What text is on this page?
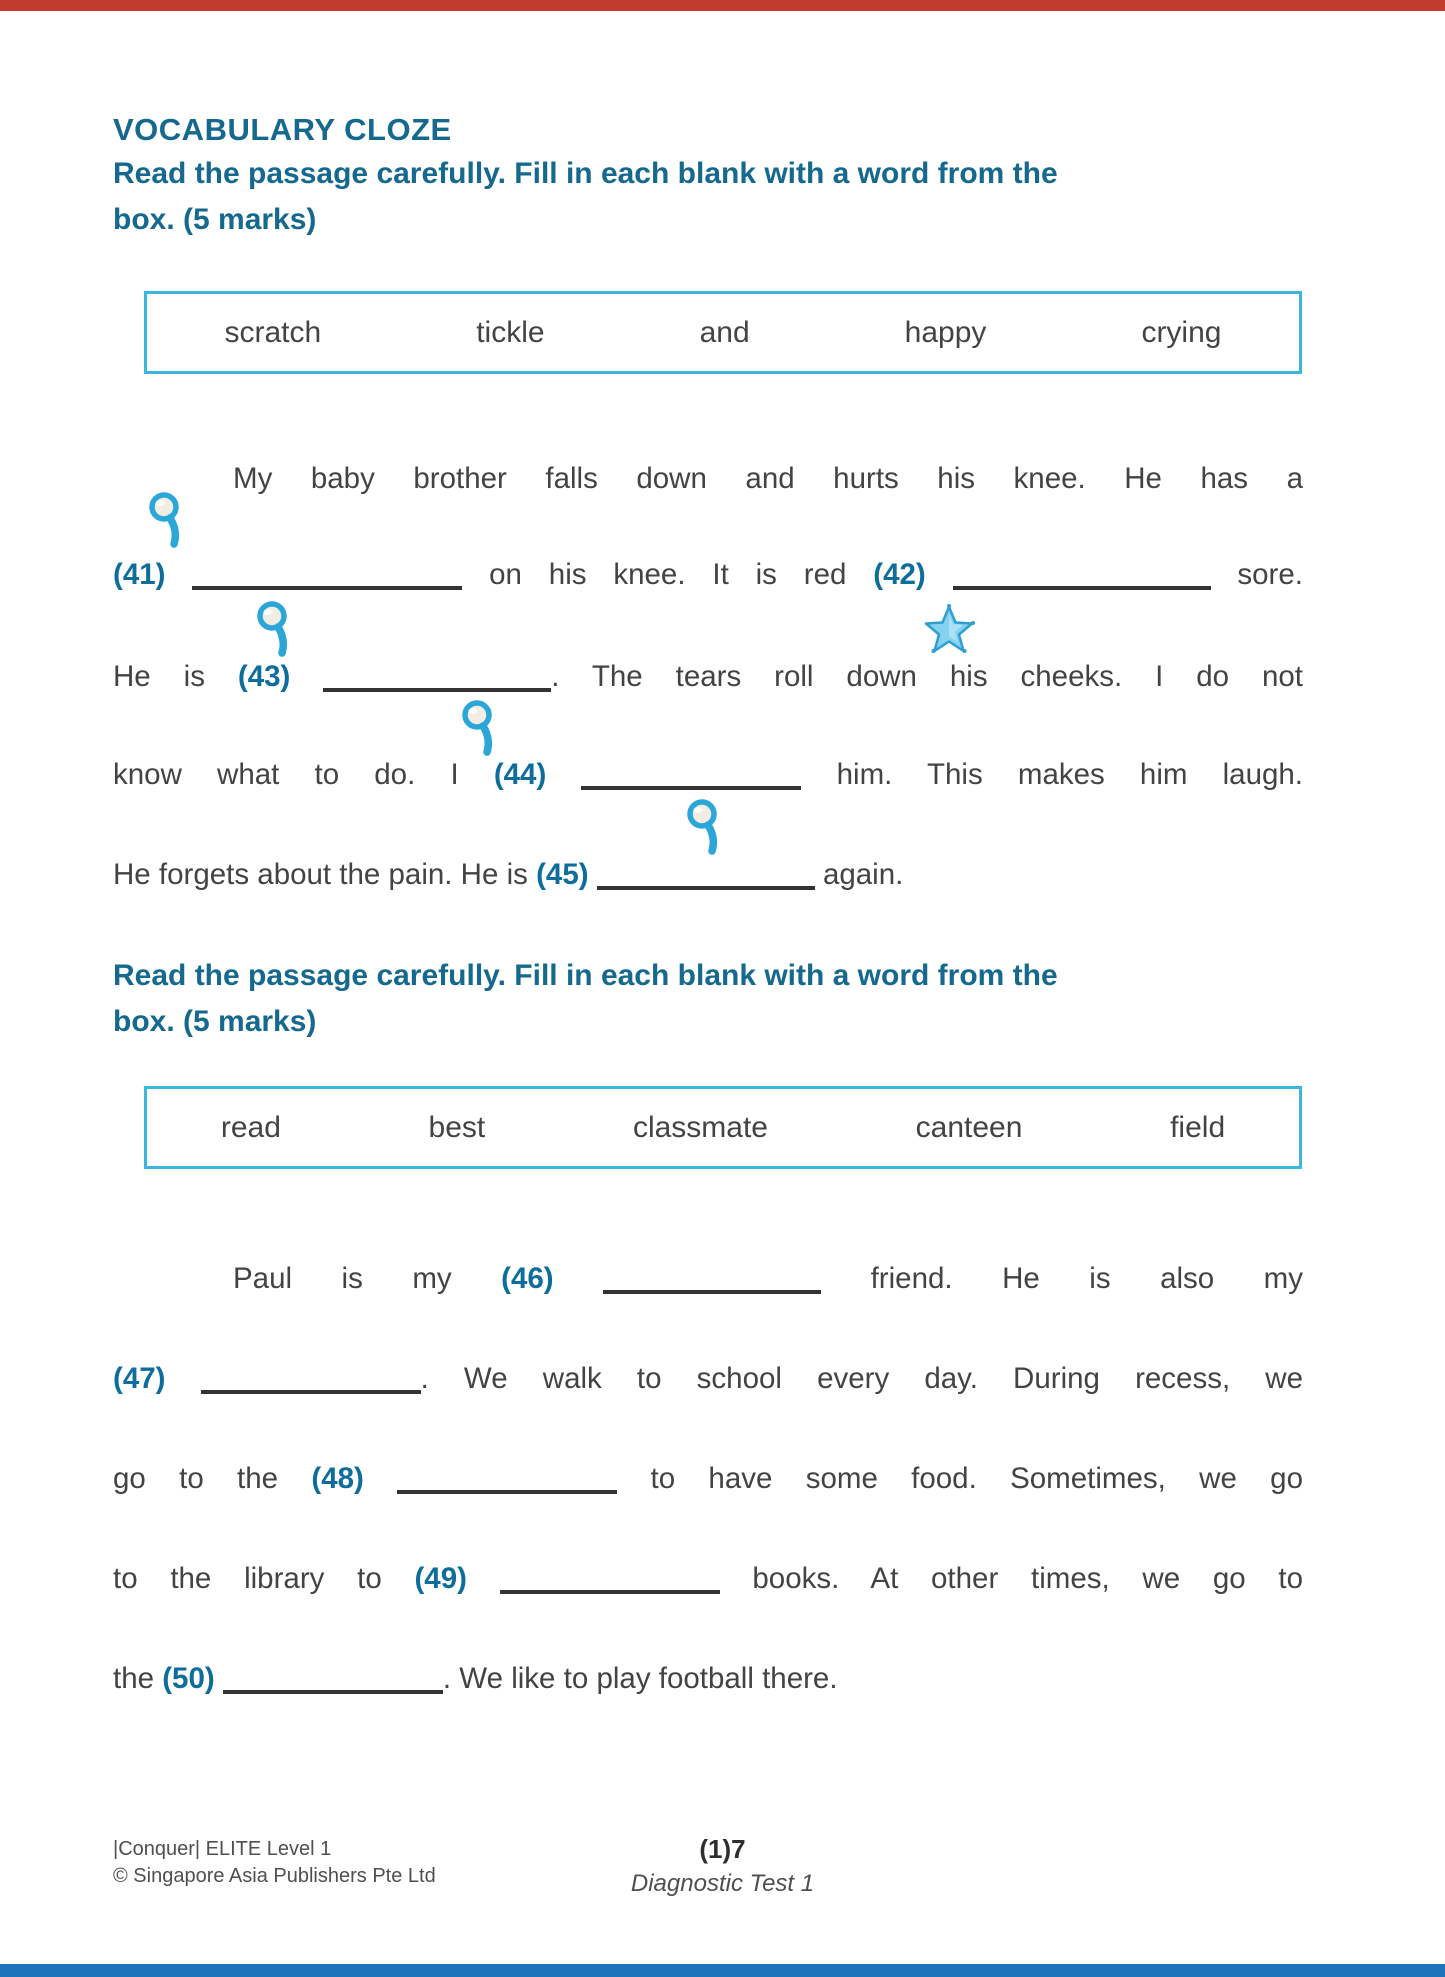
VOCABULARY CLOZE
Read the passage carefully. Fill in each blank with a word from the
box. (5 marks)
scratch	tickle	and	happy	crying
My baby brother falls down and hurts his knee. He has a
(41)	on his knee. It is red (42)	sore.
He is (43)	. The tears roll down his cheeks. I do not
know what to do. I (44)	him. This makes him laugh.
He forgets about the pain. He is (45)	again.
Read the passage carefully. Fill in each blank with a word from the
box. (5 marks)
read	best	classmate	canteen	field
Paul is my (46)	friend. He is also my
(47)	. We walk to school every day. During recess, we
go to the (48)	to have some food. Sometimes, we go
to the library to (49)	books. At other times, we go to
the (50)	. We like to play football there.
|Conquer| ELITE Level 1
© Singapore Asia Publishers Pte Ltd
(1)7
Diagnostic Test 1
